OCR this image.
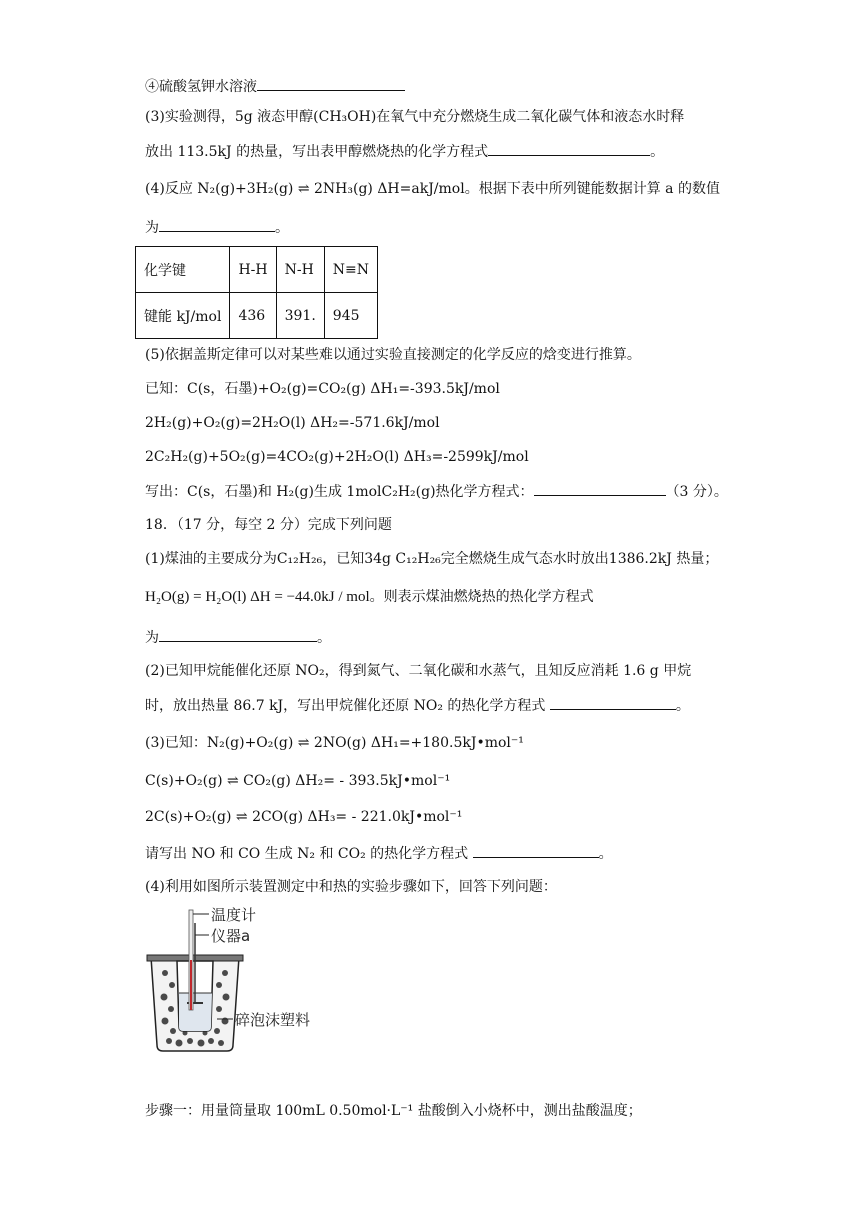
④硫酸氢钾水溶液
(3)实验测得，5g 液态甲醇(CH₃OH)在氧气中充分燃烧生成二氧化碳气体和液态水时释
放出 113.5kJ 的热量，写出表甲醇燃烧热的化学方程式	。
(4)反应 N₂(g)+3H₂(g) ⇌ 2NH₃(g) ΔH=akJ/mol。根据下表中所列键能数据计算 a 的数值
为	。
化学键	H-H	N-H	N≡N
键能 kJ/mol	436	391.	945
(5)依据盖斯定律可以对某些难以通过实验直接测定的化学反应的焓变进行推算。
已知：C(s，石墨)+O₂(g)=CO₂(g) ΔH₁=-393.5kJ/mol
2H₂(g)+O₂(g)=2H₂O(l) ΔH₂=-571.6kJ/mol
2C₂H₂(g)+5O₂(g)=4CO₂(g)+2H₂O(l) ΔH₃=-2599kJ/mol
写出：C(s，石墨)和 H₂(g)生成 1molC₂H₂(g)热化学方程式：	（3 分）。
18．（17 分，每空 2 分）完成下列问题
(1)煤油的主要成分为C₁₂H₂₆，已知34g C₁₂H₂₆完全燃烧生成气态水时放出1386.2kJ 热量；
H₂O(g) = H₂O(l) ΔH = −44.0kJ / mol。则表示煤油燃烧热的热化学方程式
为	。
(2)已知甲烷能催化还原 NO₂，得到氮气、二氧化碳和水蒸气，且知反应消耗 1.6 g 甲烷
时，放出热量 86.7 kJ，写出甲烷催化还原 NO₂ 的热化学方程式	。
(3)已知：N₂(g)+O₂(g) ⇌ 2NO(g) ΔH₁=+180.5kJ•mol⁻¹
C(s)+O₂(g) ⇌ CO₂(g) ΔH₂= - 393.5kJ•mol⁻¹
2C(s)+O₂(g) ⇌ 2CO(g) ΔH₃= - 221.0kJ•mol⁻¹
请写出 NO 和 CO 生成 N₂ 和 CO₂ 的热化学方程式	。
(4)利用如图所示装置测定中和热的实验步骤如下，回答下列问题：
温度计
仪器a
碎泡沫塑料
步骤一：用量筒量取 100mL 0.50mol·L⁻¹ 盐酸倒入小烧杯中，测出盐酸温度；
